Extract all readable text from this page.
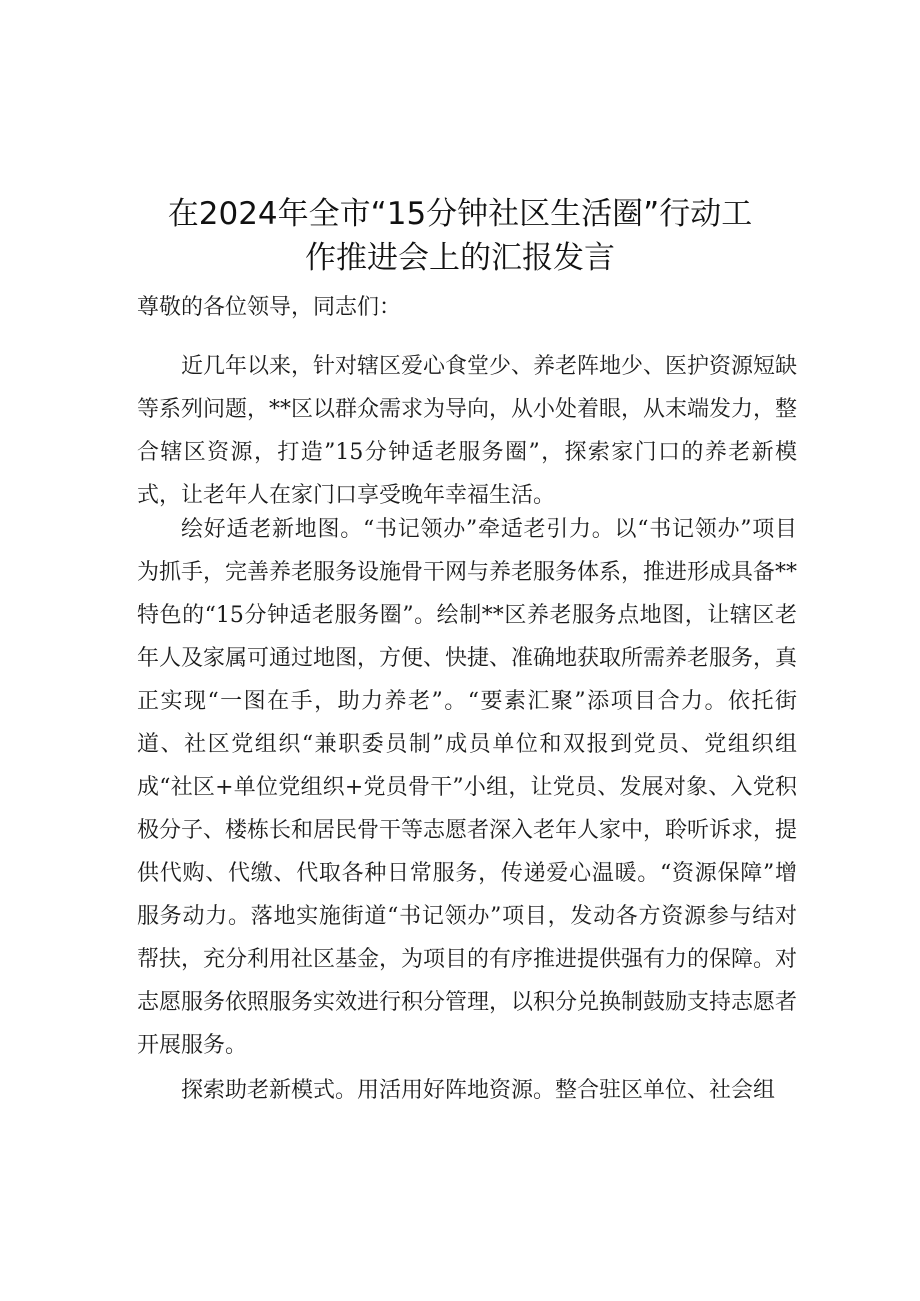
在2024年全市“15分钟社区生活圈”行动工
作推进会上的汇报发言

尊敬的各位领导，同志们：

近几年以来，针对辖区爱心食堂少、养老阵地少、医护资源短缺等系列问题，**区以群众需求为导向，从小处着眼，从末端发力，整合辖区资源，打造”15分钟适老服务圈”，探索家门口的养老新模式，让老年人在家门口享受晚年幸福生活。

绘好适老新地图。“书记领办”牵适老引力。以“书记领办”项目为抓手，完善养老服务设施骨干网与养老服务体系，推进形成具备**特色的“15分钟适老服务圈”。绘制**区养老服务点地图，让辖区老年人及家属可通过地图，方便、快捷、准确地获取所需养老服务，真正实现“一图在手，助力养老”。“要素汇聚”添项目合力。依托街道、社区党组织“兼职委员制”成员单位和双报到党员、党组织组成“社区+单位党组织+党员骨干”小组，让党员、发展对象、入党积极分子、楼栋长和居民骨干等志愿者深入老年人家中，聆听诉求，提供代购、代缴、代取各种日常服务，传递爱心温暖。“资源保障”增服务动力。落地实施街道“书记领办”项目，发动各方资源参与结对帮扶，充分利用社区基金，为项目的有序推进提供强有力的保障。对志愿服务依照服务实效进行积分管理，以积分兑换制鼓励支持志愿者开展服务。

探索助老新模式。用活用好阵地资源。整合驻区单位、社会组
